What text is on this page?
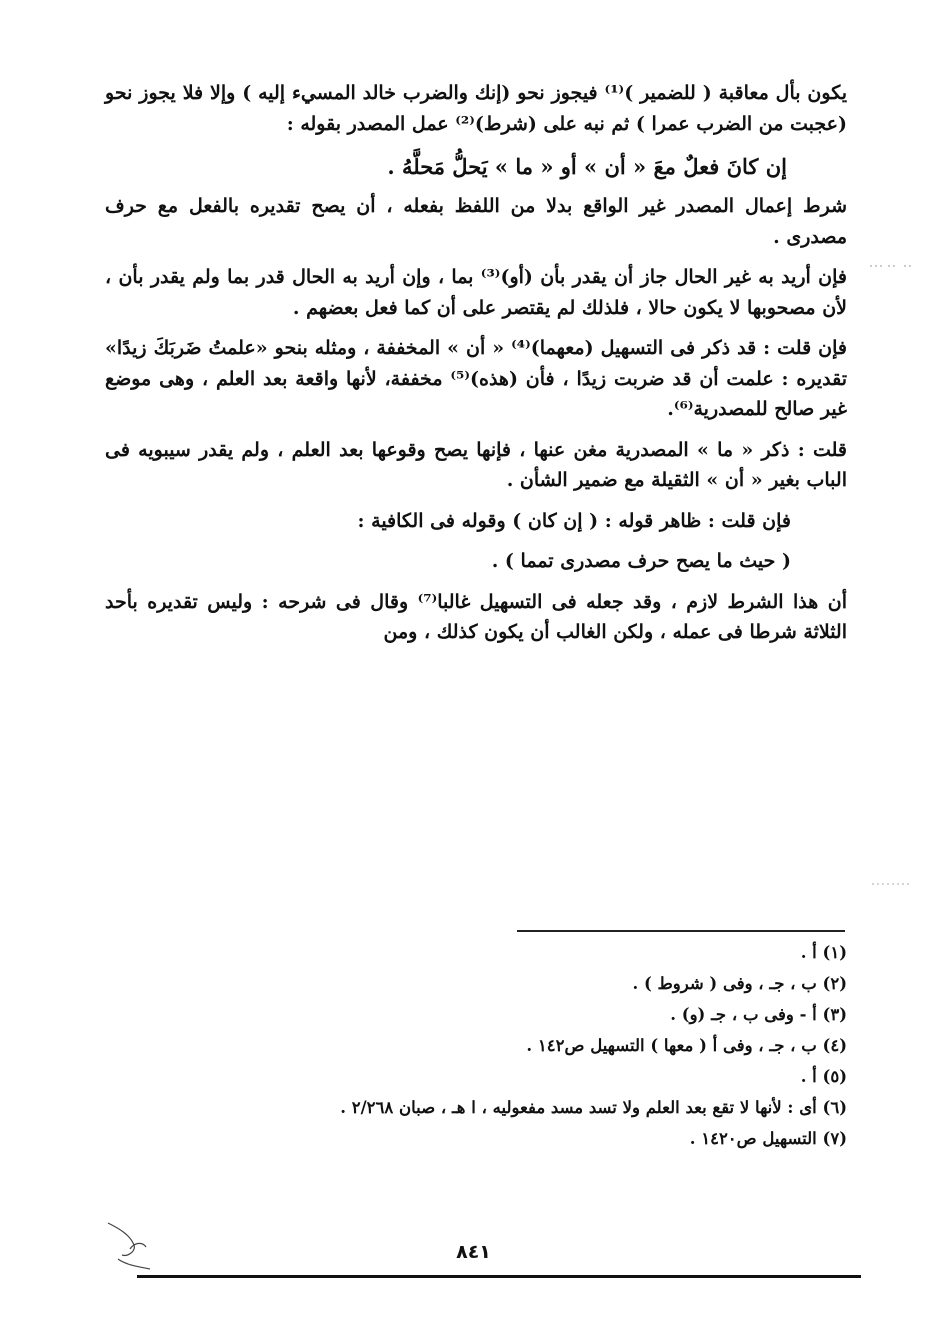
يكون بأل معاقبة ( للضمير )⁽¹⁾ فيجوز نحو (إنك والضرب خالد المسيء إليه ) وإلا فلا يجوز نحو (عجبت من الضرب عمرا ) ثم نبه على (شرط)⁽²⁾ عمل المصدر بقوله :

إن كانَ فعلٌ معَ « أن » أو « ما » يَحلُّ مَحلَّهُ .

شرط إعمال المصدر غير الواقع بدلا من اللفظ بفعله ، أن يصح تقديره بالفعل مع حرف مصدرى .

فإن أريد به غير الحال جاز أن يقدر بأن (أو)⁽³⁾ بما ، وإن أريد به الحال قدر بما ولم يقدر بأن ، لأن مصحوبها لا يكون حالا ، فلذلك لم يقتصر على أن كما فعل بعضهم .

فإن قلت : قد ذكر فى التسهيل (معهما)⁽⁴⁾ « أن » المخففة ، ومثله بنحو «علمتُ ضَربَكَ زيدًا» تقديره : علمت أن قد ضربت زيدًا ، فأن (هذه)⁽⁵⁾ مخففة، لأنها واقعة بعد العلم ، وهى موضع غير صالح للمصدرية⁽⁶⁾.

قلت : ذكر « ما » المصدرية مغن عنها ، فإنها يصح وقوعها بعد العلم ، ولم يقدر سيبويه فى الباب بغير « أن » الثقيلة مع ضمير الشأن .

فإن قلت : ظاهر قوله : ( إن كان ) وقوله فى الكافية :

( حيث ما يصح حرف مصدرى تمما ) .

أن هذا الشرط لازم ، وقد جعله فى التسهيل غالبا⁽⁷⁾ وقال فى شرحه : وليس تقديره بأحد الثلاثة شرطا فى عمله ، ولكن الغالب أن يكون كذلك ، ومن

(١) أ .

(٢) ب ، جـ ، وفى ( شروط ) .

(٣) أ - وفى ب ، جـ (و) .

(٤) ب ، جـ ، وفى أ ( معها ) التسهيل ص١٤٢ .

(٥) أ .

(٦) أى : لأنها لا تقع بعد العلم ولا تسد مسد مفعوليه ، ا هـ ، صبان ٢/٢٦٨ .

(٧) التسهيل ص١٤٢٠ .

٨٤١
